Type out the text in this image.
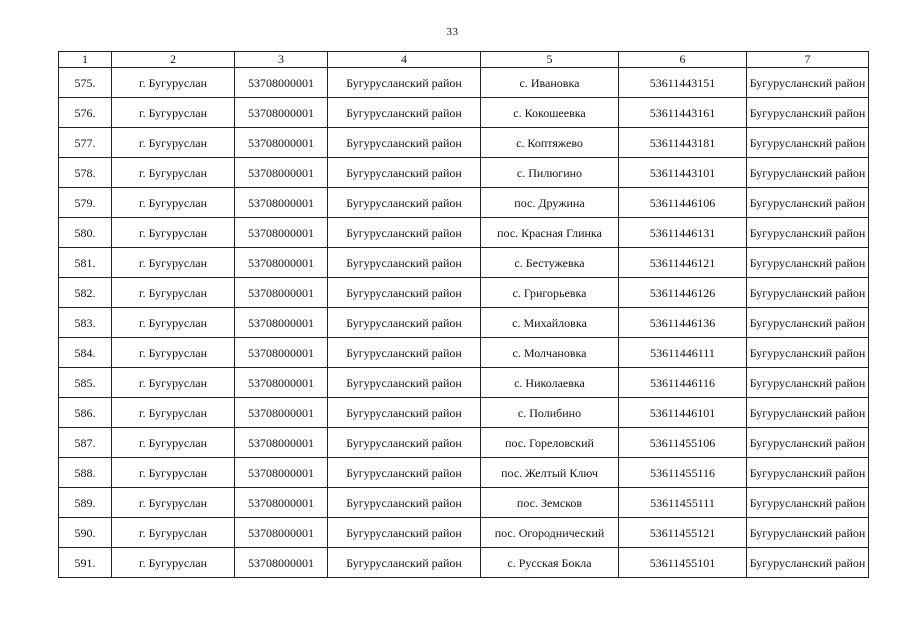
33
1	2	3	4	5	6	7
575.	г. Бугуруслан	53708000001	Бугурусланский район	с. Ивановка	53611443151	Бугурусланский район
576.	г. Бугуруслан	53708000001	Бугурусланский район	с. Кокошеевка	53611443161	Бугурусланский район
577.	г. Бугуруслан	53708000001	Бугурусланский район	с. Коптяжево	53611443181	Бугурусланский район
578.	г. Бугуруслан	53708000001	Бугурусланский район	с. Пилюгино	53611443101	Бугурусланский район
579.	г. Бугуруслан	53708000001	Бугурусланский район	пос. Дружина	53611446106	Бугурусланский район
580.	г. Бугуруслан	53708000001	Бугурусланский район	пос. Красная Глинка	53611446131	Бугурусланский район
581.	г. Бугуруслан	53708000001	Бугурусланский район	с. Бестужевка	53611446121	Бугурусланский район
582.	г. Бугуруслан	53708000001	Бугурусланский район	с. Григорьевка	53611446126	Бугурусланский район
583.	г. Бугуруслан	53708000001	Бугурусланский район	с. Михайловка	53611446136	Бугурусланский район
584.	г. Бугуруслан	53708000001	Бугурусланский район	с. Молчановка	53611446111	Бугурусланский район
585.	г. Бугуруслан	53708000001	Бугурусланский район	с. Николаевка	53611446116	Бугурусланский район
586.	г. Бугуруслан	53708000001	Бугурусланский район	с. Полибино	53611446101	Бугурусланский район
587.	г. Бугуруслан	53708000001	Бугурусланский район	пос. Гореловский	53611455106	Бугурусланский район
588.	г. Бугуруслан	53708000001	Бугурусланский район	пос. Желтый Ключ	53611455116	Бугурусланский район
589.	г. Бугуруслан	53708000001	Бугурусланский район	пос. Земсков	53611455111	Бугурусланский район
590.	г. Бугуруслан	53708000001	Бугурусланский район	пос. Огороднический	53611455121	Бугурусланский район
591.	г. Бугуруслан	53708000001	Бугурусланский район	с. Русская Бокла	53611455101	Бугурусланский район
